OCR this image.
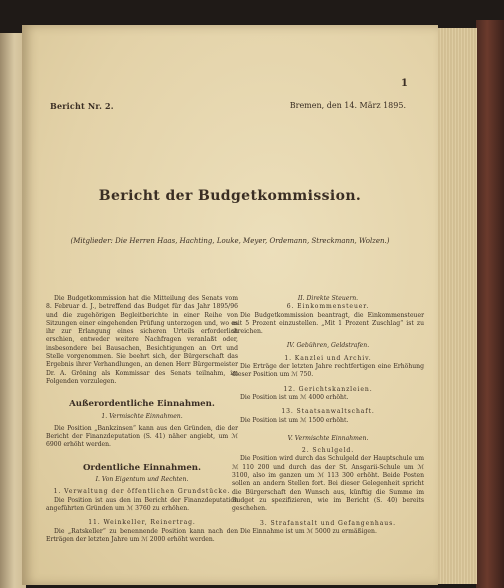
1
Bericht Nr. 2.	Bremen, den 14. März 1895.
Bericht der Budgetkommission.
(Mitglieder: Die Herren Haas, Hachting, Louke, Meyer, Ordemann, Streckmann, Wolzen.)

Die Budgetkommission hat die Mitteilung des Senats vom 8. Februar d. J., betreffend das Budget für das Jahr 1895/96 und die zugehörigen Begleitberichte in einer Reihe von Sitzungen einer eingehenden Prüfung unterzogen und, wo es ihr zur Erlangung eines sicheren Urteils erforderlich erschien, entweder weitere Nachfragen veranlaßt oder, insbesondere bei Bausachen, Besichtigungen an Ort und Stelle vorgenommen. Sie beehrt sich, der Bürgerschaft das Ergebnis ihrer Verhandlungen, an denen Herr Bürgermeister Dr. A. Gröning als Kommissar des Senats teilnahm, im Folgenden vorzulegen.

Außerordentliche Einnahmen.

1. Vermischte Einnahmen.

Die Position „Bankzinsen“ kann aus den Gründen, die der Bericht der Finanzdeputation (S. 41) näher angiebt, um ℳ 6900 erhöht werden.

Ordentliche Einnahmen.

I. Von Eigentum und Rechten.

1. Verwaltung der öffentlichen Grundstücke.

Die Position ist aus den im Bericht der Finanzdeputation angeführten Gründen um ℳ 3760 zu erhöhen.

11. Weinkeller, Reinertrag.

Die „Ratskeller“ zu benennende Position kann nach den Erträgen der letzten Jahre um ℳ 2000 erhöht werden.

II. Direkte Steuern.

6. Einkommensteuer.

Die Budgetkommission beantragt, die Einkommensteuer mit 5 Prozent einzustellen. „Mit 1 Prozent Zuschlag“ ist zu streichen.

IV. Gebühren, Geldstrafen.

1. Kanzlei und Archiv.

Die Erträge der letzten Jahre rechtfertigen eine Erhöhung dieser Position um ℳ 750.

12. Gerichtskanzleien.

Die Position ist um ℳ 4000 erhöht.

13. Staatsanwaltschaft.

Die Position ist um ℳ 1500 erhöht.

V. Vermischte Einnahmen.

2. Schulgeld.

Die Position wird durch das Schulgeld der Hauptschule um ℳ 110 200 und durch das der St. Ansgarii-Schule um ℳ 3100, also im ganzen um ℳ 113 300 erhöht. Beide Posten sollen an andern Stellen fort. Bei dieser Gelegenheit spricht die Bürgerschaft den Wunsch aus, künftig die Summe im Budget zu spezifizieren, wie im Bericht (S. 40) bereits geschehen.

3. Strafanstalt und Gefangenhaus.

Die Einnahme ist um ℳ 5000 zu ermäßigen.
